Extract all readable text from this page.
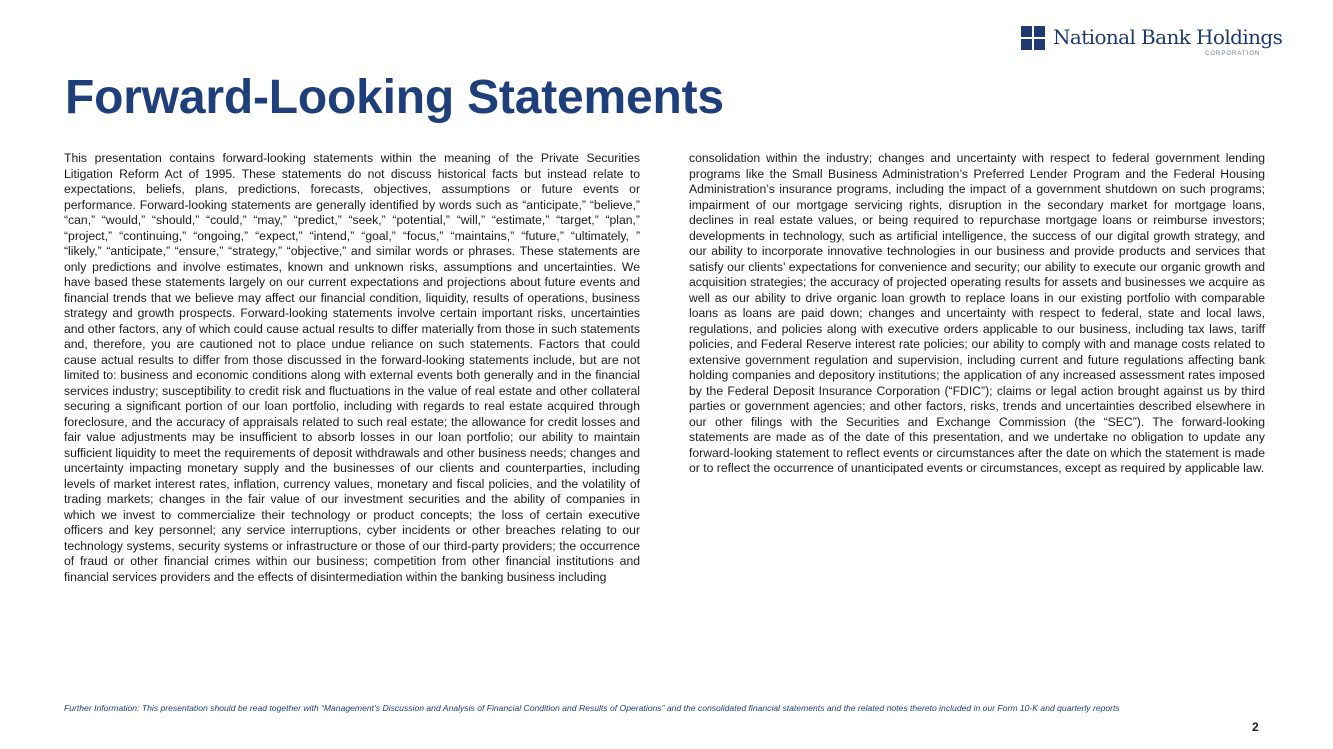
National Bank Holdings
CORPORATION
Forward-Looking Statements

This presentation contains forward-looking statements within the meaning of the Private Securities Litigation Reform Act of 1995. These statements do not discuss historical facts but instead relate to expectations, beliefs, plans, predictions, forecasts, objectives, assumptions or future events or performance. Forward-looking statements are generally identified by words such as “anticipate,” “believe,” “can,” “would,” “should,” “could,” “may,” “predict,” “seek,” “potential,” “will,” “estimate,” “target,” “plan,” “project,” “continuing,” “ongoing,” “expect,” “intend,” “goal,” “focus,” “maintains,” “future,” “ultimately, ” “likely,” “anticipate,” “ensure,” “strategy,” “objective,” and similar words or phrases. These statements are only predictions and involve estimates, known and unknown risks, assumptions and uncertainties. We have based these statements largely on our current expectations and projections about future events and financial trends that we believe may affect our financial condition, liquidity, results of operations, business strategy and growth prospects. Forward-looking statements involve certain important risks, uncertainties and other factors, any of which could cause actual results to differ materially from those in such statements and, therefore, you are cautioned not to place undue reliance on such statements. Factors that could cause actual results to differ from those discussed in the forward-looking statements include, but are not limited to: business and economic conditions along with external events both generally and in the financial services industry; susceptibility to credit risk and fluctuations in the value of real estate and other collateral securing a significant portion of our loan portfolio, including with regards to real estate acquired through foreclosure, and the accuracy of appraisals related to such real estate; the allowance for credit losses and fair value adjustments may be insufficient to absorb losses in our loan portfolio; our ability to maintain sufficient liquidity to meet the requirements of deposit withdrawals and other business needs; changes and uncertainty impacting monetary supply and the businesses of our clients and counterparties, including levels of market interest rates, inflation, currency values, monetary and fiscal policies, and the volatility of trading markets; changes in the fair value of our investment securities and the ability of companies in which we invest to commercialize their technology or product concepts; the loss of certain executive officers and key personnel; any service interruptions, cyber incidents or other breaches relating to our technology systems, security systems or infrastructure or those of our third-party providers; the occurrence of fraud or other financial crimes within our business; competition from other financial institutions and financial services providers and the effects of disintermediation within the banking business including

consolidation within the industry; changes and uncertainty with respect to federal government lending programs like the Small Business Administration’s Preferred Lender Program and the Federal Housing Administration’s insurance programs, including the impact of a government shutdown on such programs; impairment of our mortgage servicing rights, disruption in the secondary market for mortgage loans, declines in real estate values, or being required to repurchase mortgage loans or reimburse investors; developments in technology, such as artificial intelligence, the success of our digital growth strategy, and our ability to incorporate innovative technologies in our business and provide products and services that satisfy our clients’ expectations for convenience and security; our ability to execute our organic growth and acquisition strategies; the accuracy of projected operating results for assets and businesses we acquire as well as our ability to drive organic loan growth to replace loans in our existing portfolio with comparable loans as loans are paid down; changes and uncertainty with respect to federal, state and local laws, regulations, and policies along with executive orders applicable to our business, including tax laws, tariff policies, and Federal Reserve interest rate policies; our ability to comply with and manage costs related to extensive government regulation and supervision, including current and future regulations affecting bank holding companies and depository institutions; the application of any increased assessment rates imposed by the Federal Deposit Insurance Corporation (“FDIC”); claims or legal action brought against us by third parties or government agencies; and other factors, risks, trends and uncertainties described elsewhere in our other filings with the Securities and Exchange Commission (the “SEC”). The forward-looking statements are made as of the date of this presentation, and we undertake no obligation to update any forward-looking statement to reflect events or circumstances after the date on which the statement is made or to reflect the occurrence of unanticipated events or circumstances, except as required by applicable law.

Further Information: This presentation should be read together with “Management’s Discussion and Analysis of Financial Condition and Results of Operations” and the consolidated financial statements and the related notes thereto included in our Form 10-K and quarterly reports

2
